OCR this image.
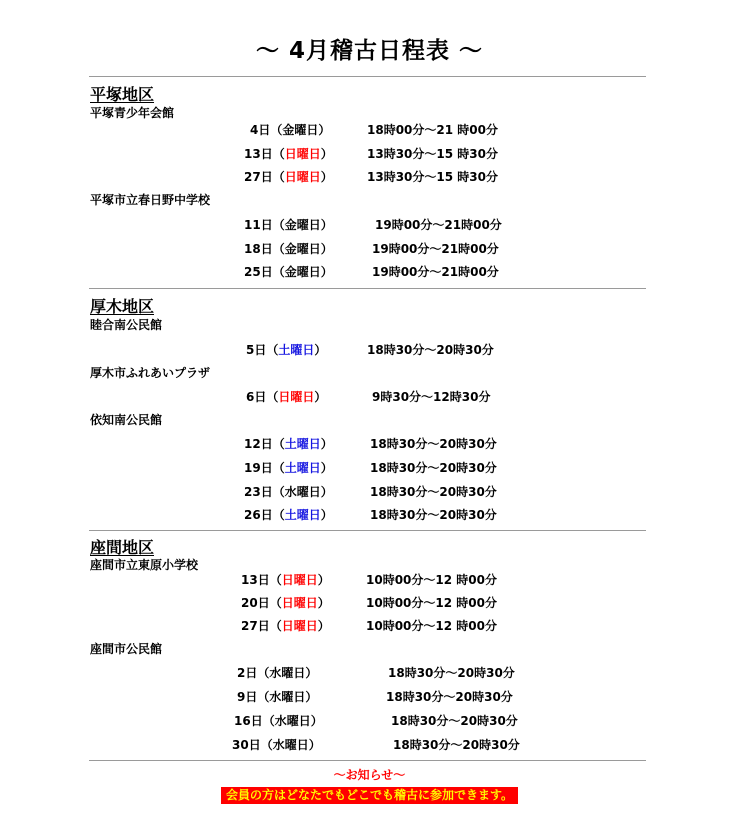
～ 4月稽古日程表 ～
平塚地区
平塚青少年会館
4日（金曜日）	18時00分～21 時00分
13日（日曜日）	13時30分～15 時30分
27日（日曜日）	13時30分～15 時30分
平塚市立春日野中学校
11日（金曜日）	19時00分～21時00分
18日（金曜日）	19時00分～21時00分
25日（金曜日）	19時00分～21時00分
厚木地区
睦合南公民館
5日（土曜日）	18時30分～20時30分
厚木市ふれあいプラザ
6日（日曜日）	9時30分～12時30分
依知南公民館
12日（土曜日）	18時30分～20時30分
19日（土曜日）	18時30分～20時30分
23日（水曜日）	18時30分～20時30分
26日（土曜日）	18時30分～20時30分
座間地区
座間市立東原小学校
13日（日曜日）	10時00分～12 時00分
20日（日曜日）	10時00分～12 時00分
27日（日曜日）	10時00分～12 時00分
座間市公民館
2日（水曜日）	18時30分～20時30分
9日（水曜日）	18時30分～20時30分
16日（水曜日）	18時30分～20時30分
30日（水曜日）	18時30分～20時30分
～お知らせ～
会員の方はどなたでもどこでも稽古に参加できます。
